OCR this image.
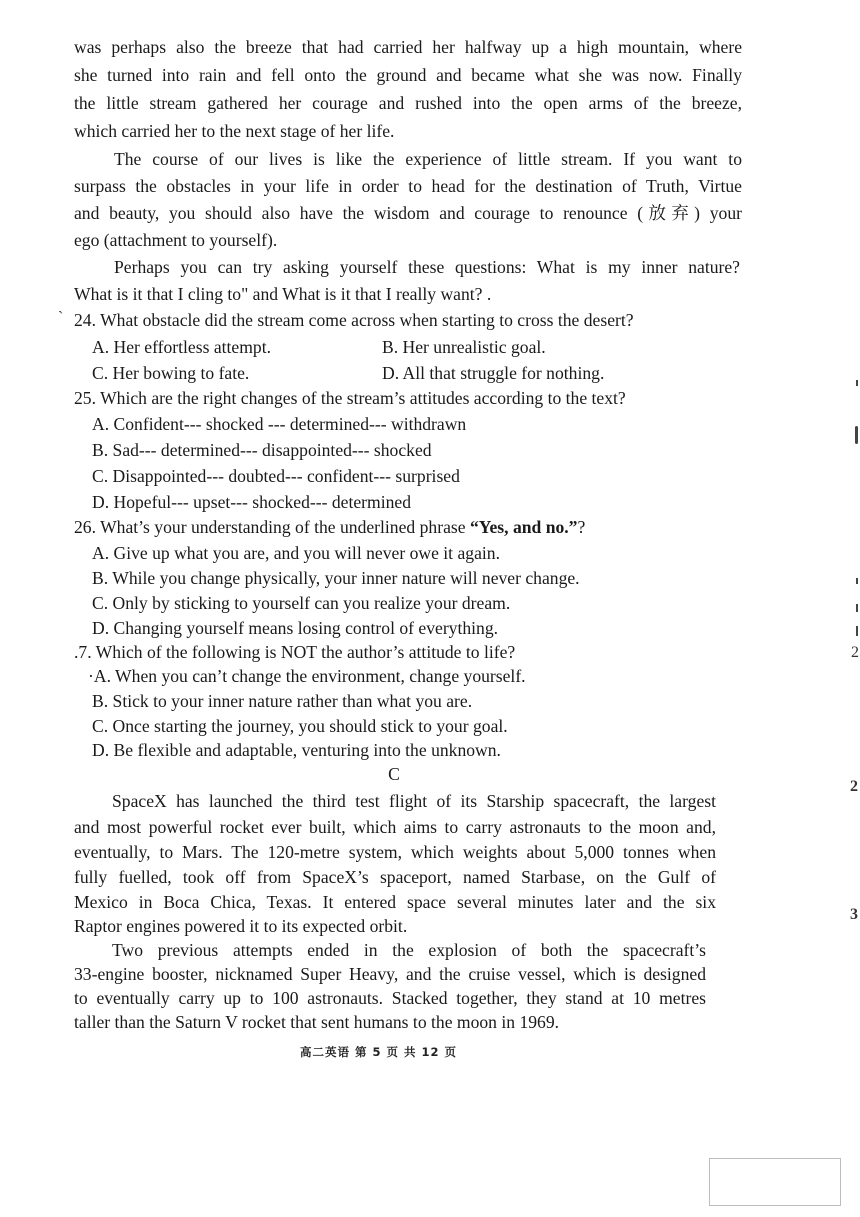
was perhaps also the breeze that had carried her halfway up a high mountain, where
she turned into rain and fell onto the ground and became what she was now. Finally
the little stream gathered her courage and rushed into the open arms of the breeze,
which carried her to the next stage of her life.
The course of our lives is like the experience of little stream. If you want to
surpass the obstacles in your life in order to head for the destination of Truth, Virtue
and beauty, you should also have the wisdom and courage to renounce (放弃) your
ego (attachment to yourself).
Perhaps you can try asking yourself these questions: What is my inner nature?
What is it that I cling to" and What is it that I really want? .
` 24. What obstacle did the stream come across when starting to cross the desert?
A. Her effortless attempt.	B. Her unrealistic goal.
C. Her bowing to fate.	D. All that struggle for nothing.
25. Which are the right changes of the stream’s attitudes according to the text?
A. Confident--- shocked --- determined--- withdrawn
B. Sad--- determined--- disappointed--- shocked
C. Disappointed--- doubted--- confident--- surprised
D. Hopeful--- upset--- shocked--- determined
26. What’s your understanding of the underlined phrase “Yes, and no.”?
A. Give up what you are, and you will never owe it again.
B. While you change physically, your inner nature will never change.
C. Only by sticking to yourself can you realize your dream.
D. Changing yourself means losing control of everything.
.7. Which of the following is NOT the author’s attitude to life?
·A. When you can’t change the environment, change yourself.
B. Stick to your inner nature rather than what you are.
C. Once starting the journey, you should stick to your goal.
D. Be flexible and adaptable, venturing into the unknown.
C
SpaceX has launched the third test flight of its Starship spacecraft, the largest
and most powerful rocket ever built, which aims to carry astronauts to the moon and,
eventually, to Mars. The 120-metre system, which weights about 5,000 tonnes when
fully fuelled, took off from SpaceX’s spaceport, named Starbase, on the Gulf of
Mexico in Boca Chica, Texas. It entered space several minutes later and the six
Raptor engines powered it to its expected orbit.
Two previous attempts ended in the explosion of both the spacecraft’s
33-engine booster, nicknamed Super Heavy, and the cruise vessel, which is designed
to eventually carry up to 100 astronauts. Stacked together, they stand at 10 metres
taller than the Saturn V rocket that sent humans to the moon in 1969.
高二英语 第 5 页 共 12 页
2
2
3
